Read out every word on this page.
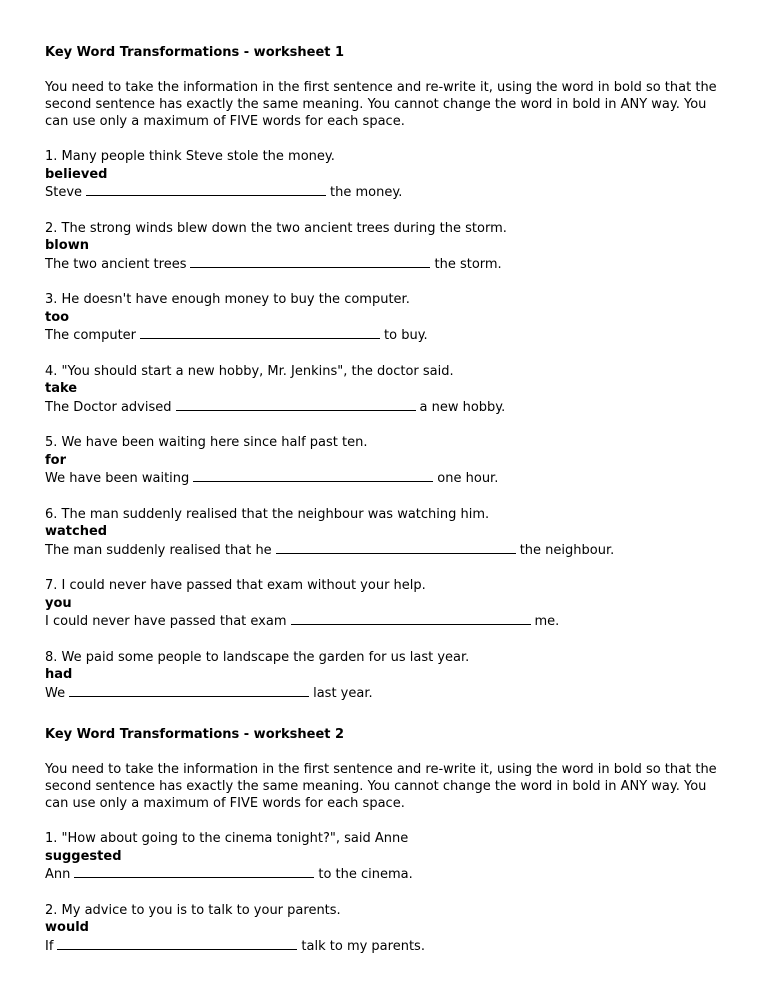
Key Word Transformations - worksheet 1
You need to take the information in the first sentence and re-write it, using the word in bold so that the second sentence has exactly the same meaning. You cannot change the word in bold in ANY way. You can use only a maximum of FIVE words for each space.
1. Many people think Steve stole the money.
believed
Steve	the money.
2. The strong winds blew down the two ancient trees during the storm.
blown
The two ancient trees	the storm.
3. He doesn't have enough money to buy the computer.
too
The computer	to buy.
4. "You should start a new hobby, Mr. Jenkins", the doctor said.
take
The Doctor advised	a new hobby.
5. We have been waiting here since half past ten.
for
We have been waiting	one hour.
6. The man suddenly realised that the neighbour was watching him.
watched
The man suddenly realised that he	the neighbour.
7. I could never have passed that exam without your help.
you
I could never have passed that exam	me.
8. We paid some people to landscape the garden for us last year.
had
We	last year.
Key Word Transformations - worksheet 2
You need to take the information in the first sentence and re-write it, using the word in bold so that the second sentence has exactly the same meaning. You cannot change the word in bold in ANY way. You can use only a maximum of FIVE words for each space.
1. "How about going to the cinema tonight?", said Anne
suggested
Ann	to the cinema.
2. My advice to you is to talk to your parents.
would
If	talk to my parents.
